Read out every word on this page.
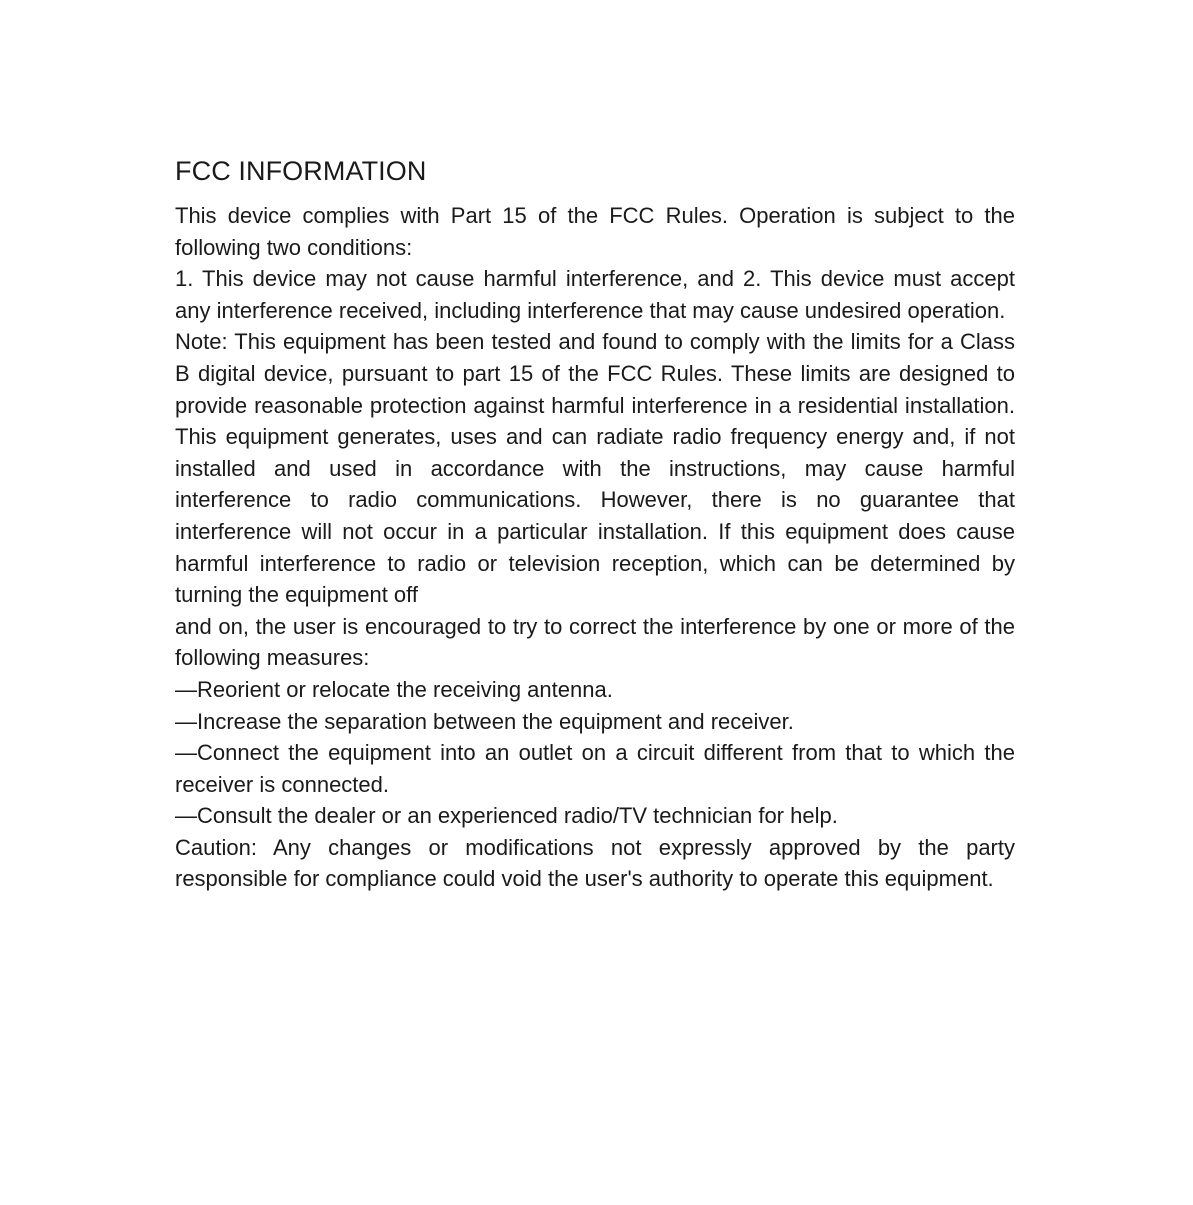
FCC INFORMATION

This device complies with Part 15 of the FCC Rules. Operation is subject to the following two conditions:

1. This device may not cause harmful interference, and 2. This device must accept any interference received, including interference that may cause undesired operation.

Note: This equipment has been tested and found to comply with the limits for a Class B digital device, pursuant to part 15 of the FCC Rules. These limits are designed to provide reasonable protection against harmful interference in a residential installation. This equipment generates, uses and can radiate radio frequency energy and, if not installed and used in accordance with the instructions, may cause harmful interference to radio communications. However, there is no guarantee that interference will not occur in a particular installation. If this equipment does cause harmful interference to radio or television reception, which can be determined by turning the equipment off

and on, the user is encouraged to try to correct the interference by one or more of the following measures:

—Reorient or relocate the receiving antenna.

—Increase the separation between the equipment and receiver.

—Connect the equipment into an outlet on a circuit different from that to which the receiver is connected.

—Consult the dealer or an experienced radio/TV technician for help.

Caution: Any changes or modifications not expressly approved by the party responsible for compliance could void the user's authority to operate this equipment.
